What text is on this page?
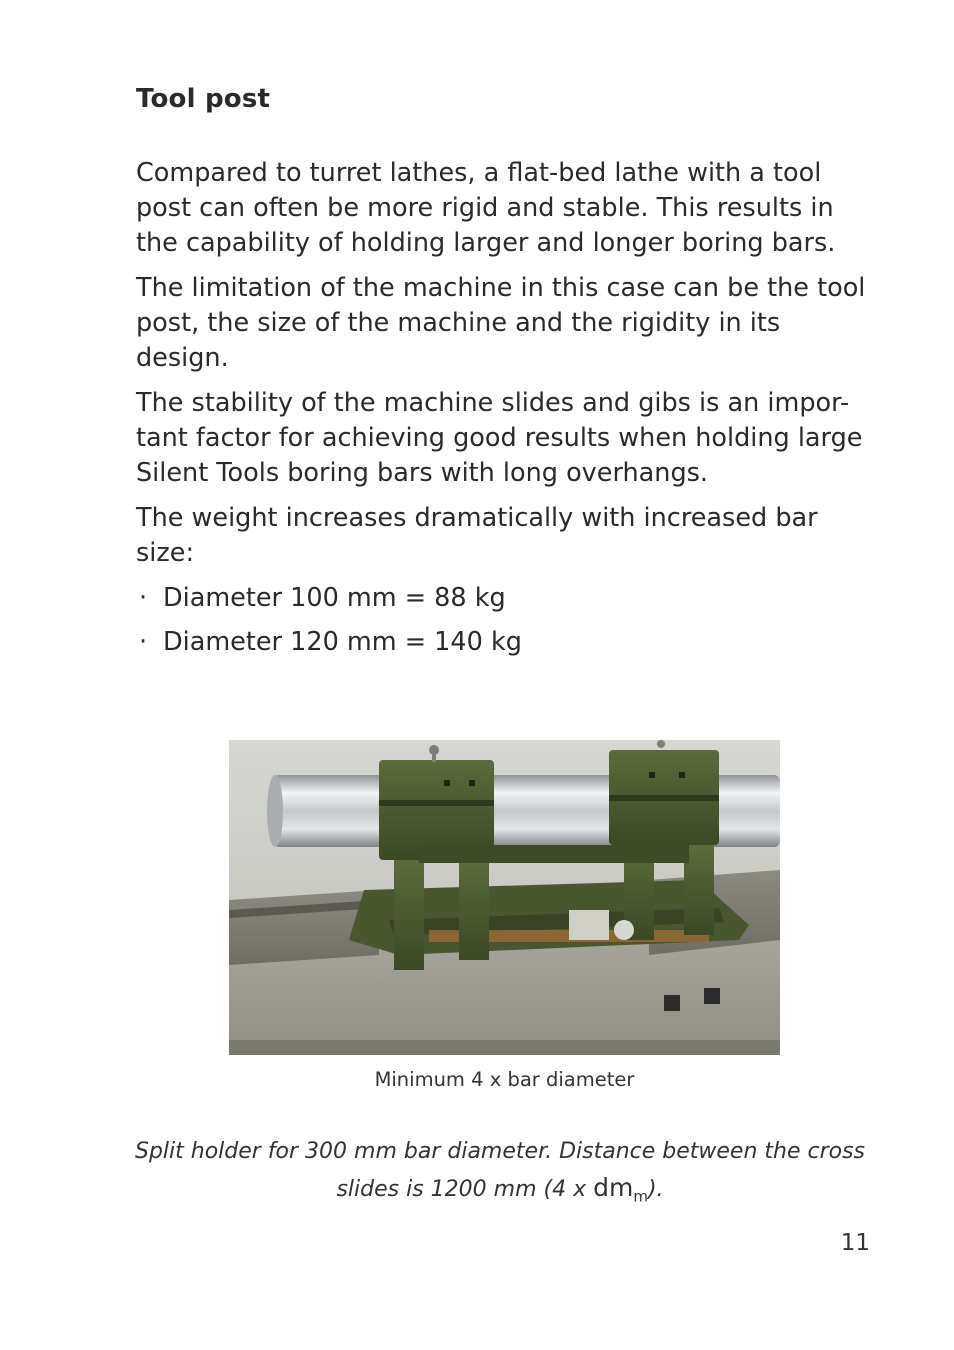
Tool post

Compared to turret lathes, a flat-bed lathe with a tool post can often be more rigid and stable. This results in the capability of holding larger and longer boring bars.

The limitation of the machine in this case can be the tool post, the size of the machine and the rigidity in its design.

The stability of the machine slides and gibs is an impor-tant factor for achieving good results when holding large Silent Tools boring bars with long overhangs.

The weight increases dramatically with increased bar size:

· Diameter 100 mm = 88 kg
· Diameter 120 mm = 140 kg
Minimum 4 x bar diameter
Split holder for 300 mm bar diameter. Distance between the cross slides is 1200 mm (4 x $dm_m$).
11
